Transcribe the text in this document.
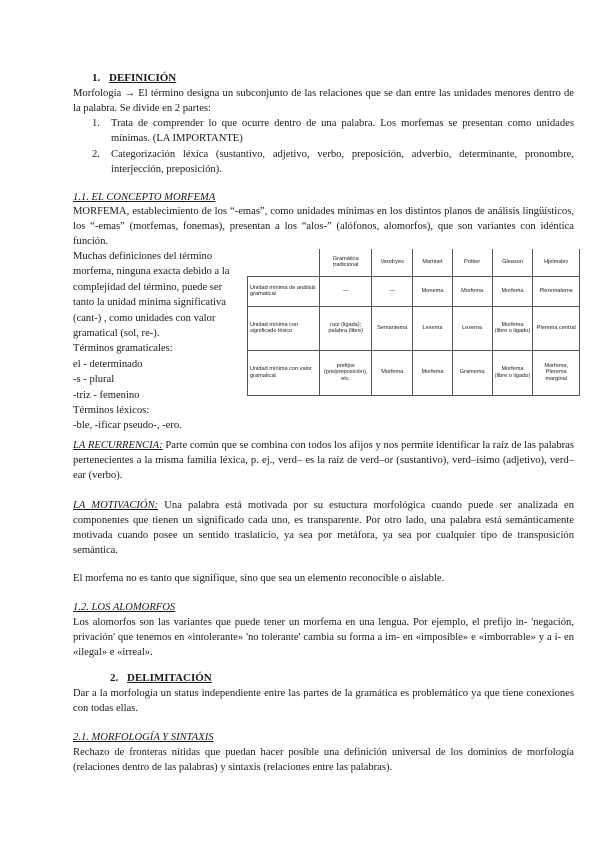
1. DEFINICIÓN
Morfología → El término designa un subconjunto de las relaciones que se dan entre las unidades menores dentro de la palabra. Se divide en 2 partes:
1.	Trata de comprender lo que ocurre dentro de una palabra. Los morfemas se presentan como unidades mínimas. (LA IMPORTANTE)
2.	Categorización léxica (sustantivo, adjetivo, verbo, preposición, adverbio, determinante, pronombre, interjección, preposición).
1.1. EL CONCEPTO MORFEMA
MORFEMA, establecimiento de los “-emas”, como unidades mínimas en los distintos planos de análisis lingüísticos, los “-emas” (morfemas, fonemas), presentan a los “alos-” (alófonos, alomorfos), que son variantes con idéntica función.
Muchas definiciones del término
morfema, ninguna exacta debido a la
complejidad del término, puede ser
tanto la unidad mínima significativa
(cant-) , como unidades con valor
gramatical (sol, re-).
Términos gramaticales:
el - determinado
-s - plural
-triz - femenino
Términos léxicos:
-ble, -ificar pseudo-, -ero.
	Gramática tradicional	Vendryes	Martinet	Pottier	Gleason	Hjelmslev
Unidad mínima de análisis gramatical	—	—	Monema	Morfema	Morfema	Pleremateme
Unidad mínima con significado léxico	raíz (ligada); palabra (libre)	Semantema	Lexema	Lexema	Morfema (libre o ligado)	Pleremа central
Unidad mínima con valor gramatical	prefijos (pre/preposición), etc.	Morfema	Morfema	Gramema	Morfema (libre o ligado)	Morfema; Plerema marginal
LA RECURRENCIA: Parte común que se combina con todos los afijos y nos permite identificar la raíz de las palabras pertenecientes a la misma familia léxica, p. ej., verd– es la raíz de verd–or (sustantivo), verd–ísimo (adjetivo), verd–ear (verbo).
LA MOTIVACIÓN: Una palabra está motivada por su estuctura morfológica cuando puede ser analizada en componentes que tienen un significado cada uno, es transparente. Por otro lado, una palabra está semánticamente motivada cuando posee un sentido traslaticio, ya sea por metáfora, ya sea por cualquier tipo de transposición semántica.
El morfema no es tanto que signifique, sino que sea un elemento reconocible o aislable.
1.2. LOS ALOMORFOS
Los alomorfos son las variantes que puede tener un morfema en una lengua. Por ejemplo, el prefijo in- 'negación, privación' que tenemos en «intolerante» 'no tolerante' cambia su forma a im- en «imposible» e «imborrable» y a i- en «ilegal» e «irreal».
2. DELIMITACIÓN
Dar a la morfología un status independiente entre las partes de la gramática es problemático ya que tiene conexiones con todas ellas.
2.1. MORFOLOGÍA Y SINTAXIS
Rechazo de fronteras nítidas que puedan hacer posible una definición universal de los dominios de morfología (relaciones dentro de las palabras) y sintaxis (relaciones entre las palabras).
